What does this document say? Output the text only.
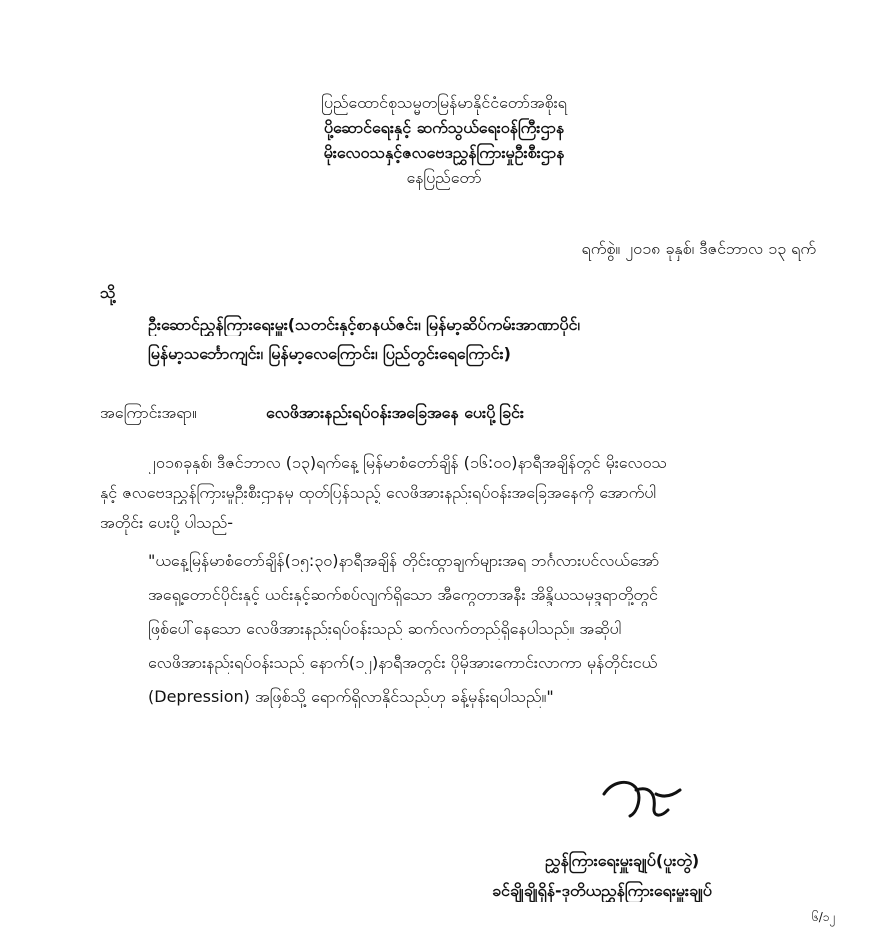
ပြည်ထောင်စုသမ္မတမြန်မာနိုင်ငံတော်အစိုးရ
ပို့ဆောင်ရေးနှင့် ဆက်သွယ်ရေးဝန်ကြီးဌာန
မိုးလေဝသနှင့်ဇလဗေဒညွှန်ကြားမှုဦးစီးဌာန
နေပြည်တော်
ရက်စွဲ။ ၂၀၁၈ ခုနှစ်၊ ဒီဇင်ဘာလ ၁၃ ရက်
သို့
ဦးဆောင်ညွှန်ကြားရေးမှူး(သတင်းနှင့်စာနယ်ဇင်း၊ မြန်မာ့ဆိပ်ကမ်းအာဏာပိုင်၊
မြန်မာ့သင်္ဘောကျင်း၊ မြန်မာ့လေကြောင်း၊ ပြည်တွင်းရေကြောင်း)
အကြောင်းအရာ။	လေဖိအားနည်းရပ်ဝန်းအခြေအနေ ပေးပို့ခြင်း
၂၀၁၈ခုနှစ်၊ ဒီဇင်ဘာလ (၁၃)ရက်နေ့ မြန်မာစံတော်ချိန် (၁၆:၀၀)နာရီအချိန်တွင် မိုးလေဝသ
နှင့် ဇလဗေဒညွှန်ကြားမှုဦးစီးဌာနမှ ထုတ်ပြန်သည့် လေဖိအားနည်းရပ်ဝန်းအခြေအနေကို အောက်ပါ
အတိုင်း ပေးပို့ ပါသည်-
"ယနေ့မြန်မာစံတော်ချိန်(၁၅:၃၀)နာရီအချိန် တိုင်းထွာချက်များအရ ဘင်္ဂလားပင်လယ်အော်
အရှေ့တောင်ပိုင်းနှင့် ယင်းနှင့်ဆက်စပ်လျက်ရှိသော အီကွေတာအနီး အိန္ဒိယသမုဒ္ဒရာတို့တွင်
ဖြစ်ပေါ်နေသော လေဖိအားနည်းရပ်ဝန်းသည် ဆက်လက်တည်ရှိနေပါသည်။ အဆိုပါ
လေဖိအားနည်းရပ်ဝန်းသည် နောက်(၁၂)နာရီအတွင်း ပိုမိုအားကောင်းလာကာ မုန်တိုင်းငယ်
(Depression) အဖြစ်သို့ ရောက်ရှိလာနိုင်သည်ဟု ခန့်မှန်းရပါသည်။"
ညွှန်ကြားရေးမှူးချုပ်(ပူးတွဲ)
ခင်ချိုချိုရှိန်-ဒုတိယညွှန်ကြားရေးမှူးချုပ်
၆/၁၂
